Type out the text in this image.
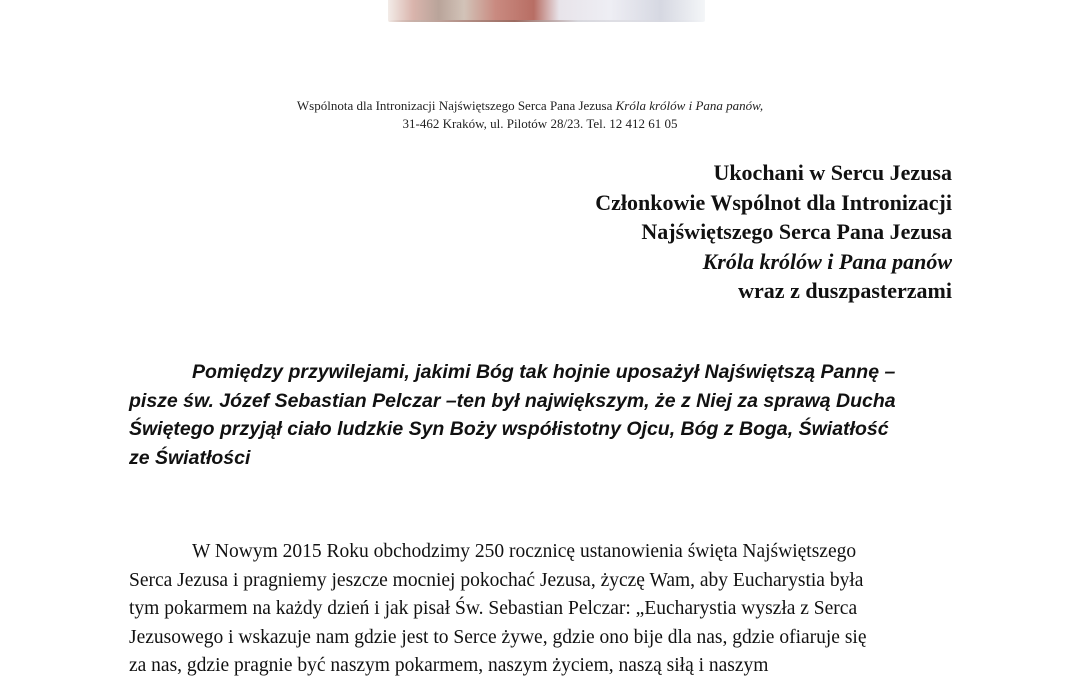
Wspólnota dla Intronizacji Najświętszego Serca Pana Jezusa Króla królów i Pana panów,
31-462 Kraków, ul. Pilotów 28/23. Tel. 12 412 61 05
Ukochani w Sercu Jezusa
Członkowie Wspólnot dla Intronizacji
Najświętszego Serca Pana Jezusa
Króla królów i Pana panów
wraz z duszpasterzami
Pomiędzy przywilejami, jakimi Bóg tak hojnie uposażył Najświętszą Pannę –
pisze św. Józef Sebastian Pelczar –ten był największym, że z Niej za sprawą Ducha
Świętego przyjął ciało ludzkie Syn Boży współistotny Ojcu, Bóg z Boga, Światłość
ze Światłości
W Nowym 2015 Roku obchodzimy 250 rocznicę ustanowienia święta Najświętszego
Serca Jezusa i pragniemy jeszcze mocniej pokochać Jezusa, życzę Wam, aby Eucharystia była
tym pokarmem na każdy dzień i jak pisał Św. Sebastian Pelczar: „Eucharystia wyszła z Serca
Jezusowego i wskazuje nam gdzie jest to Serce żywe, gdzie ono bije dla nas, gdzie ofiaruje się
za nas, gdzie pragnie być naszym pokarmem, naszym życiem, naszą siłą i naszym
